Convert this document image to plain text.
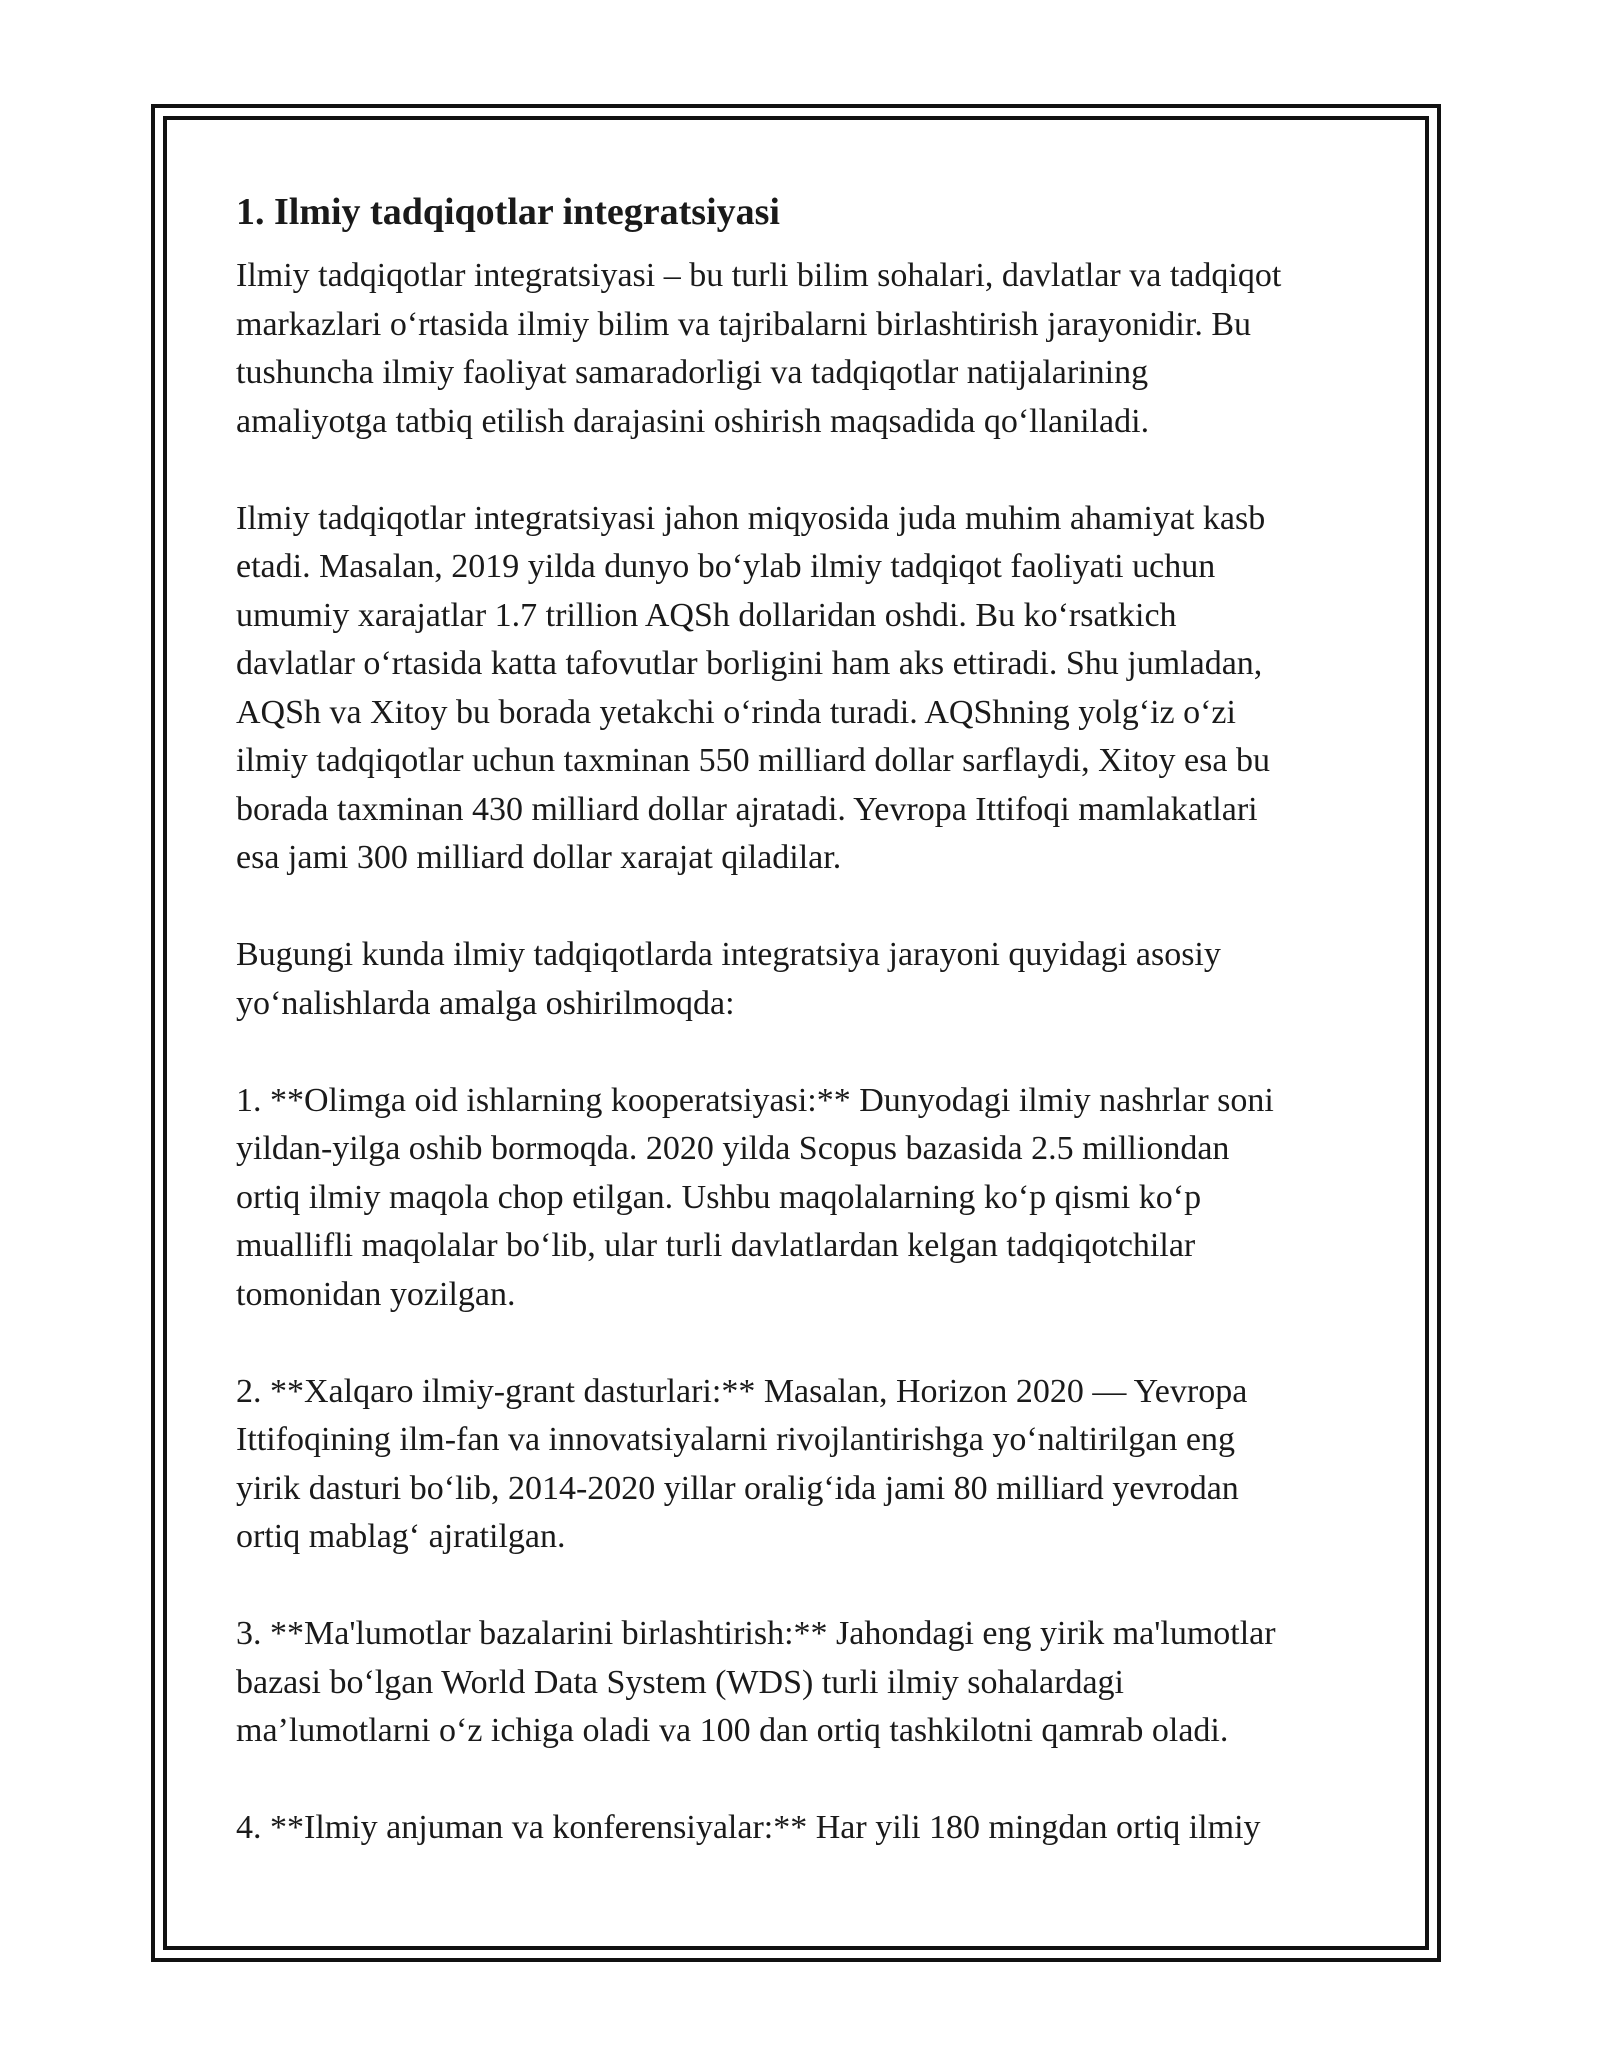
1. Ilmiy tadqiqotlar integratsiyasi
Ilmiy tadqiqotlar integratsiyasi – bu turli bilim sohalari, davlatlar va tadqiqot
markazlari oʻrtasida ilmiy bilim va tajribalarni birlashtirish jarayonidir. Bu
tushuncha ilmiy faoliyat samaradorligi va tadqiqotlar natijalarining
amaliyotga tatbiq etilish darajasini oshirish maqsadida qoʻllaniladi.
Ilmiy tadqiqotlar integratsiyasi jahon miqyosida juda muhim ahamiyat kasb
etadi. Masalan, 2019 yilda dunyo boʻylab ilmiy tadqiqot faoliyati uchun
umumiy xarajatlar 1.7 trillion AQSh dollaridan oshdi. Bu koʻrsatkich
davlatlar oʻrtasida katta tafovutlar borligini ham aks ettiradi. Shu jumladan,
AQSh va Xitoy bu borada yetakchi oʻrinda turadi. AQShning yolgʻiz oʻzi
ilmiy tadqiqotlar uchun taxminan 550 milliard dollar sarflaydi, Xitoy esa bu
borada taxminan 430 milliard dollar ajratadi. Yevropa Ittifoqi mamlakatlari
esa jami 300 milliard dollar xarajat qiladilar.
Bugungi kunda ilmiy tadqiqotlarda integratsiya jarayoni quyidagi asosiy
yoʻnalishlarda amalga oshirilmoqda:
1. **Olimga oid ishlarning kooperatsiyasi:** Dunyodagi ilmiy nashrlar soni
yildan-yilga oshib bormoqda. 2020 yilda Scopus bazasida 2.5 milliondan
ortiq ilmiy maqola chop etilgan. Ushbu maqolalarning koʻp qismi koʻp
mualliflі maqolalar boʻlib, ular turli davlatlardan kelgan tadqiqotchilar
tomonidan yozilgan.
2. **Xalqaro ilmiy-grant dasturlari:** Masalan, Horizon 2020 — Yevropa
Ittifoqining ilm-fan va innovatsiyalarni rivojlantirishga yoʻnaltirilgan eng
yirik dasturi boʻlib, 2014-2020 yillar oraligʻida jami 80 milliard yevrodan
ortiq mablagʻ ajratilgan.
3. **Ma'lumotlar bazalarini birlashtirish:** Jahondagi eng yirik ma'lumotlar
bazasi boʻlgan World Data System (WDS) turli ilmiy sohalardagi
ma’lumotlarni oʻz ichiga oladi va 100 dan ortiq tashkilotni qamrab oladi.
4. **Ilmiy anjuman va konferensiyalar:** Har yili 180 mingdan ortiq ilmiy
